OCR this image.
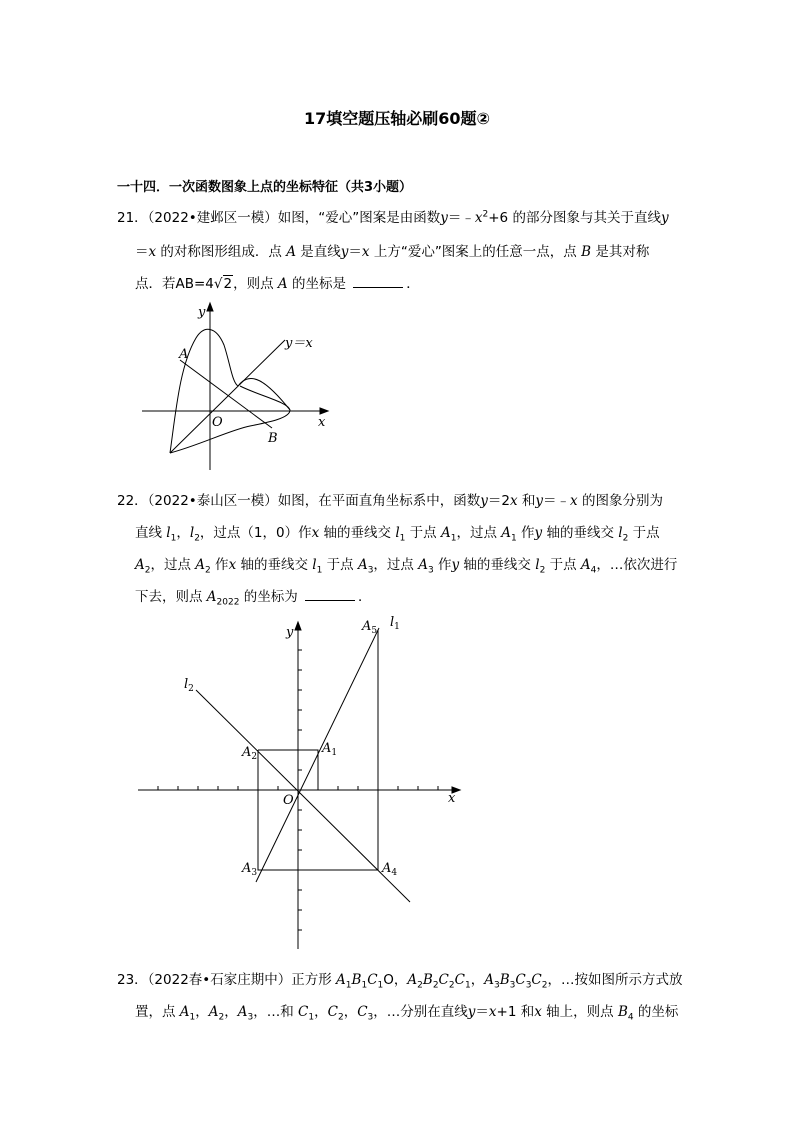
17填空题压轴必刷60题②
一十四．一次函数图象上点的坐标特征（共3小题）
21．（2022•建邺区一模）如图，“爱心”图案是由函数$y=﹣x^2+6$ 的部分图象与其关于直线y
＝x 的对称图形组成．点 A 是直线y＝x 上方“爱心”图案上的任意一点，点 B 是其对称
点．若AB=4√2，则点 A 的坐标是	．
y
x
O
A
B
y＝x
22．（2022•泰山区一模）如图，在平面直角坐标系中，函数y＝2x 和y＝﹣x 的图象分别为
直线 $l_1$，$l_2$，过点（1，0）作x 轴的垂线交 $l_1$ 于点 $A_1$，过点 $A_1$ 作y 轴的垂线交 $l_2$ 于点
$A_2$，过点 $A_2$ 作x 轴的垂线交 $l_1$ 于点 $A_3$，过点 $A_3$ 作y 轴的垂线交 $l_2$ 于点 $A_4$，…依次进行
下去，则点 $A_{2022}$ 的坐标为	．
y
x
O
$l_1$
$l_2$
$A_1$
$A_2$
$A_3$	$A_4$
$A_5$
23．（2022春•石家庄期中）正方形 $A_1B_1C_1O$，$A_2B_2C_2C_1$，$A_3B_3C_3C_2$，…按如图所示方式放
置，点 $A_1$，$A_2$，$A_3$，…和 $C_1$，$C_2$，$C_3$，…分别在直线y＝x+1 和x 轴上，则点 $B_4$ 的坐标
